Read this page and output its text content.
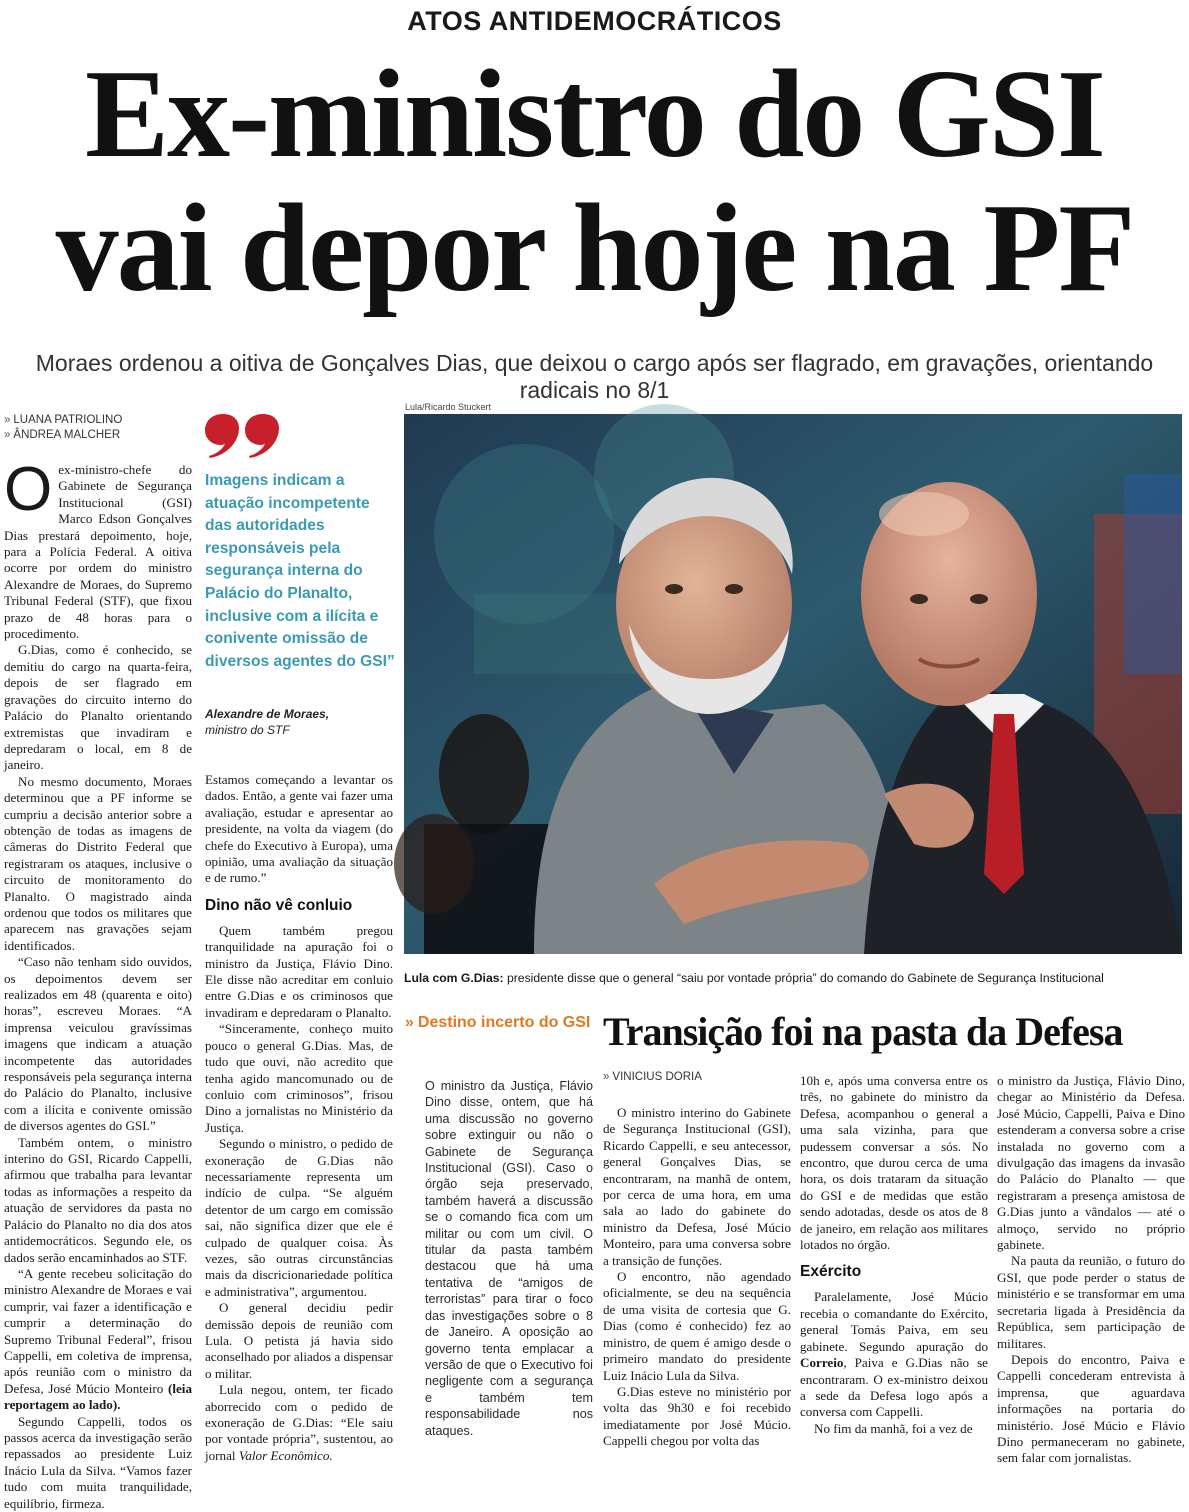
ATOS ANTIDEMOCRÁTICOS
Ex-ministro do GSI
vai depor hoje na PF
Moraes ordenou a oitiva de Gonçalves Dias, que deixou o cargo após ser flagrado, em gravações, orientando radicais no 8/1
» LUANA PATRIOLINO
» ÂNDREA MALCHER

Oex-ministro-chefe do Gabinete de Segurança Institucional (GSI) Marco Edson Gonçalves Dias prestará depoimento, hoje, para a Polícia Federal. A oitiva ocorre por ordem do ministro Alexandre de Moraes, do Supremo Tribunal Federal (STF), que fixou prazo de 48 horas para o procedimento.

G.Dias, como é conhecido, se demitiu do cargo na quarta-feira, depois de ser flagrado em gravações do circuito interno do Palácio do Planalto orientando extremistas que invadiram e depredaram o local, em 8 de janeiro.

No mesmo documento, Moraes determinou que a PF informe se cumpriu a decisão anterior sobre a obtenção de todas as imagens de câmeras do Distrito Federal que registraram os ataques, inclusive o circuito de monitoramento do Planalto. O magistrado ainda ordenou que todos os militares que aparecem nas gravações sejam identificados.

“Caso não tenham sido ouvidos, os depoimentos devem ser realizados em 48 (quarenta e oito) horas”, escreveu Moraes. “A imprensa veiculou gravíssimas imagens que indicam a atuação incompetente das autoridades responsáveis pela segurança interna do Palácio do Planalto, inclusive com a ilícita e conivente omissão de diversos agentes do GSI.”

Também ontem, o ministro interino do GSI, Ricardo Cappelli, afirmou que trabalha para levantar todas as informações a respeito da atuação de servidores da pasta no Palácio do Planalto no dia dos atos antidemocráticos. Segundo ele, os dados serão encaminhados ao STF.

“A gente recebeu solicitação do ministro Alexandre de Moraes e vai cumprir, vai fazer a identificação e cumprir a determinação do Supremo Tribunal Federal”, frisou Cappelli, em coletiva de imprensa, após reunião com o ministro da Defesa, José Múcio Monteiro (leia reportagem ao lado).

Segundo Cappelli, todos os passos acerca da investigação serão repassados ao presidente Luiz Inácio Lula da Silva. “Vamos fazer tudo com muita tranquilidade, equilíbrio, firmeza.

Imagens indicam a atuação incompetente das autoridades responsáveis pela segurança interna do Palácio do Planalto, inclusive com a ilícita e conivente omissão de diversos agentes do GSI”
Alexandre de Moraes,
ministro do STF

Estamos começando a levantar os dados. Então, a gente vai fazer uma avaliação, estudar e apresentar ao presidente, na volta da viagem (do chefe do Executivo à Europa), uma opinião, uma avaliação da situação e de rumo.”

Dino não vê conluio

Quem também pregou tranquilidade na apuração foi o ministro da Justiça, Flávio Dino. Ele disse não acreditar em conluio entre G.Dias e os criminosos que invadiram e depredaram o Planalto.

“Sinceramente, conheço muito pouco o general G.Dias. Mas, de tudo que ouvi, não acredito que tenha agido mancomunado ou de conluio com criminosos”, frisou Dino a jornalistas no Ministério da Justiça.

Segundo o ministro, o pedido de exoneração de G.Dias não necessariamente representa um indício de culpa. “Se alguém detentor de um cargo em comissão sai, não significa dizer que ele é culpado de qualquer coisa. Às vezes, são outras circunstâncias mais da discricionariedade política e administrativa”, argumentou.

O general decidiu pedir demissão depois de reunião com Lula. O petista já havia sido aconselhado por aliados a dispensar o militar.

Lula negou, ontem, ter ficado aborrecido com o pedido de exoneração de G.Dias: “Ele saiu por vontade própria”, sustentou, ao jornal Valor Econômico.

Lula/Ricardo Stuckert
Lula com G.Dias: presidente disse que o general “saiu por vontade própria” do comando do Gabinete de Segurança Institucional
» Destino incerto do GSI
O ministro da Justiça, Flávio Dino disse, ontem, que há uma discussão no governo sobre extinguir ou não o Gabinete de Segurança Institucional (GSI). Caso o órgão seja preservado, também haverá a discussão se o comando fica com um militar ou com um civil. O titular da pasta também destacou que há uma tentativa de “amigos de terroristas” para tirar o foco das investigações sobre o 8 de Janeiro. A oposição ao governo tenta emplacar a versão de que o Executivo foi negligente com a segurança e também tem responsabilidade nos ataques.
Transição foi na pasta da Defesa
» VINICIUS DORIA

O ministro interino do Gabinete de Segurança Institucional (GSI), Ricardo Cappelli, e seu antecessor, general Gonçalves Dias, se encontraram, na manhã de ontem, por cerca de uma hora, em uma sala ao lado do gabinete do ministro da Defesa, José Múcio Monteiro, para uma conversa sobre a transição de funções.

O encontro, não agendado oficialmente, se deu na sequência de uma visita de cortesia que G. Dias (como é conhecido) fez ao ministro, de quem é amigo desde o primeiro mandato do presidente Luiz Inácio Lula da Silva.

G.Dias esteve no ministério por volta das 9h30 e foi recebido imediatamente por José Múcio. Cappelli chegou por volta das

10h e, após uma conversa entre os três, no gabinete do ministro da Defesa, acompanhou o general a uma sala vizinha, para que pudessem conversar a sós. No encontro, que durou cerca de uma hora, os dois trataram da situação do GSI e de medidas que estão sendo adotadas, desde os atos de 8 de janeiro, em relação aos militares lotados no órgão.

Exército

Paralelamente, José Múcio recebia o comandante do Exército, general Tomás Paiva, em seu gabinete. Segundo apuração do Correio, Paiva e G.Dias não se encontraram. O ex-ministro deixou a sede da Defesa logo após a conversa com Cappelli.

No fim da manhã, foi a vez de

o ministro da Justiça, Flávio Dino, chegar ao Ministério da Defesa. José Múcio, Cappelli, Paiva e Dino estenderam a conversa sobre a crise instalada no governo com a divulgação das imagens da invasão do Palácio do Planalto — que registraram a presença amistosa de G.Dias junto a vândalos — até o almoço, servido no próprio gabinete.

Na pauta da reunião, o futuro do GSI, que pode perder o status de ministério e se transformar em uma secretaria ligada à Presidência da República, sem participação de militares.

Depois do encontro, Paiva e Cappelli concederam entrevista à imprensa, que aguardava informações na portaria do ministério. José Múcio e Flávio Dino permaneceram no gabinete, sem falar com jornalistas.
